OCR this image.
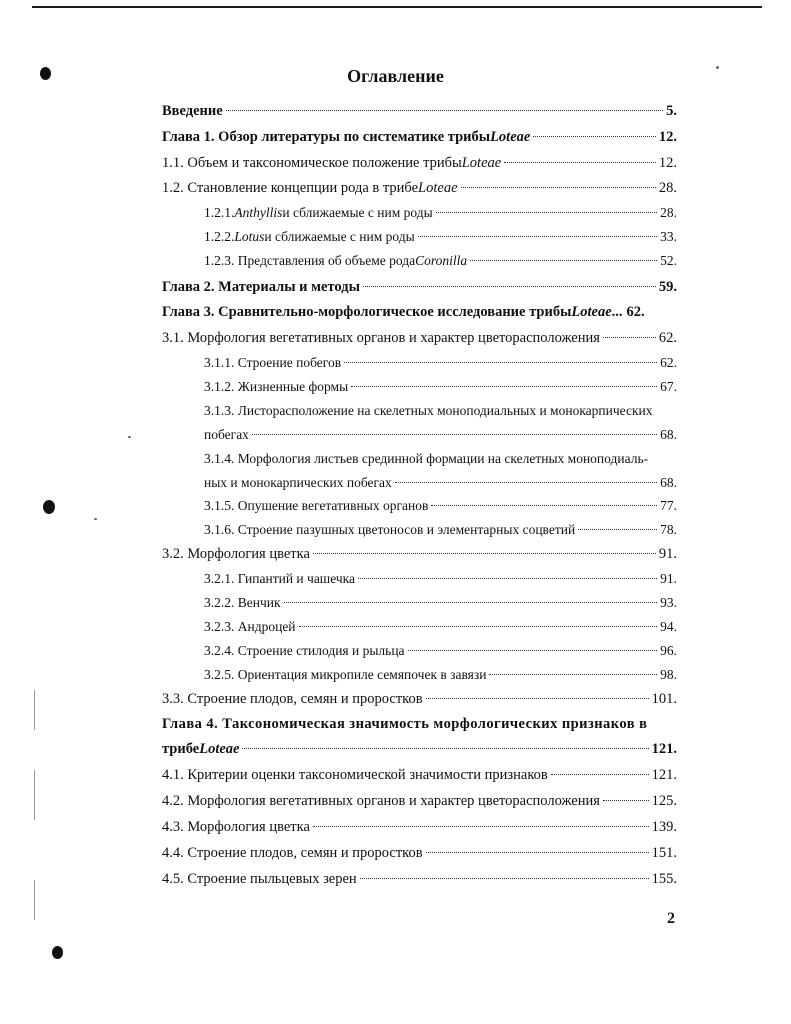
Оглавление
Введение	5.
Глава 1. Обзор литературы по систематике трибы Loteae	12.
1.1. Объем и таксономическое положение трибы Loteae	12.
1.2. Становление концепции рода в трибе Loteae	28.
1.2.1. Anthyllis и сближаемые с ним роды	28.
1.2.2. Lotus и сближаемые с ним роды	33.
1.2.3. Представления об объеме рода Coronilla	52.
Глава 2. Материалы и методы	59.
Глава 3. Сравнительно-морфологическое исследование трибы Loteae ... 62.
3.1. Морфология вегетативных органов и характер цветорасположения	62.
3.1.1. Строение побегов	62.
3.1.2. Жизненные формы	67.
3.1.3. Листорасположение на скелетных моноподиальных и монокарпических
побегах	68.
3.1.4. Морфология листьев срединной формации на скелетных моноподиаль-
ных и монокарпических побегах	68.
3.1.5. Опушение вегетативных органов	77.
3.1.6. Строение пазушных цветоносов и элементарных соцветий	78.
3.2. Морфология цветка	91.
3.2.1. Гипантий и чашечка	91.
3.2.2. Венчик	93.
3.2.3. Андроцей	94.
3.2.4. Строение стилодия и рыльца	96.
3.2.5. Ориентация микропиле семяпочек в завязи	98.
3.3. Строение плодов, семян и проростков	101.
Глава 4. Таксономическая значимость морфологических признаков в
трибе Loteae	121.
4.1. Критерии оценки таксономической значимости признаков	121.
4.2. Морфология вегетативных органов и характер цветорасположения	125.
4.3. Морфология цветка	139.
4.4. Строение плодов, семян и проростков	151.
4.5. Строение пыльцевых зерен	155.
2
